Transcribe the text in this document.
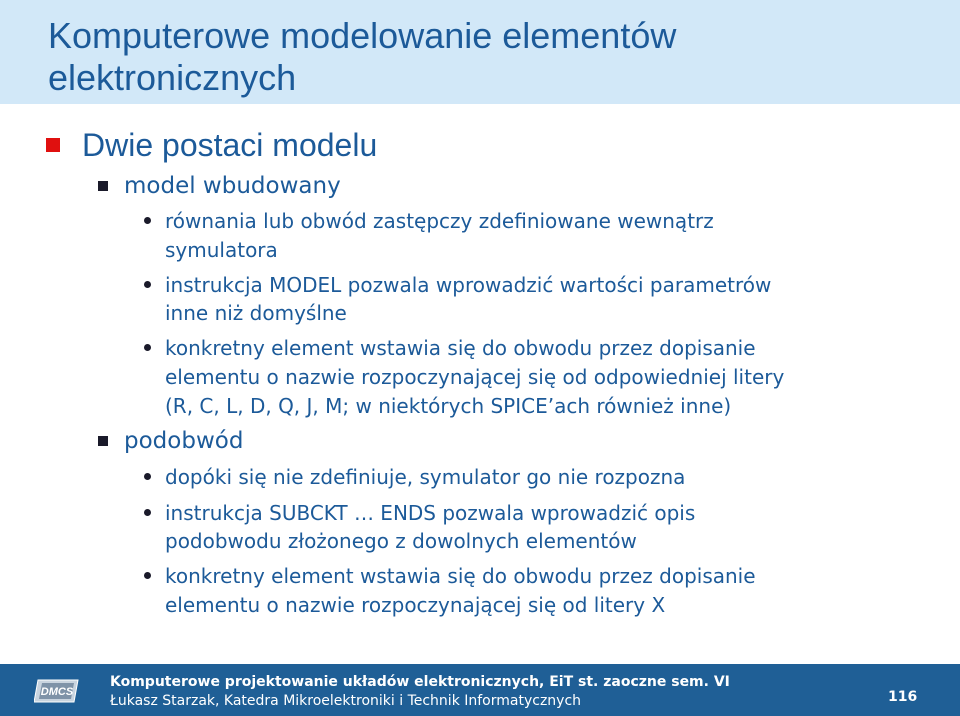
Komputerowe modelowanie elementów
elektronicznych
Dwie postaci modelu
model wbudowany
równania lub obwód zastępczy zdefiniowane wewnątrz
symulatora
instrukcja MODEL pozwala wprowadzić wartości parametrów
inne niż domyślne
konkretny element wstawia się do obwodu przez dopisanie
elementu o nazwie rozpoczynającej się od odpowiedniej litery
(R, C, L, D, Q, J, M; w niektórych SPICE’ach również inne)
podobwód
dopóki się nie zdefiniuje, symulator go nie rozpozna
instrukcja SUBCKT … ENDS pozwala wprowadzić opis
podobwodu złożonego z dowolnych elementów
konkretny element wstawia się do obwodu przez dopisanie
elementu o nazwie rozpoczynającej się od litery X
DMCS
Komputerowe projektowanie układów elektronicznych, EiT st. zaoczne sem. VI
Łukasz Starzak, Katedra Mikroelektroniki i Technik Informatycznych	116
